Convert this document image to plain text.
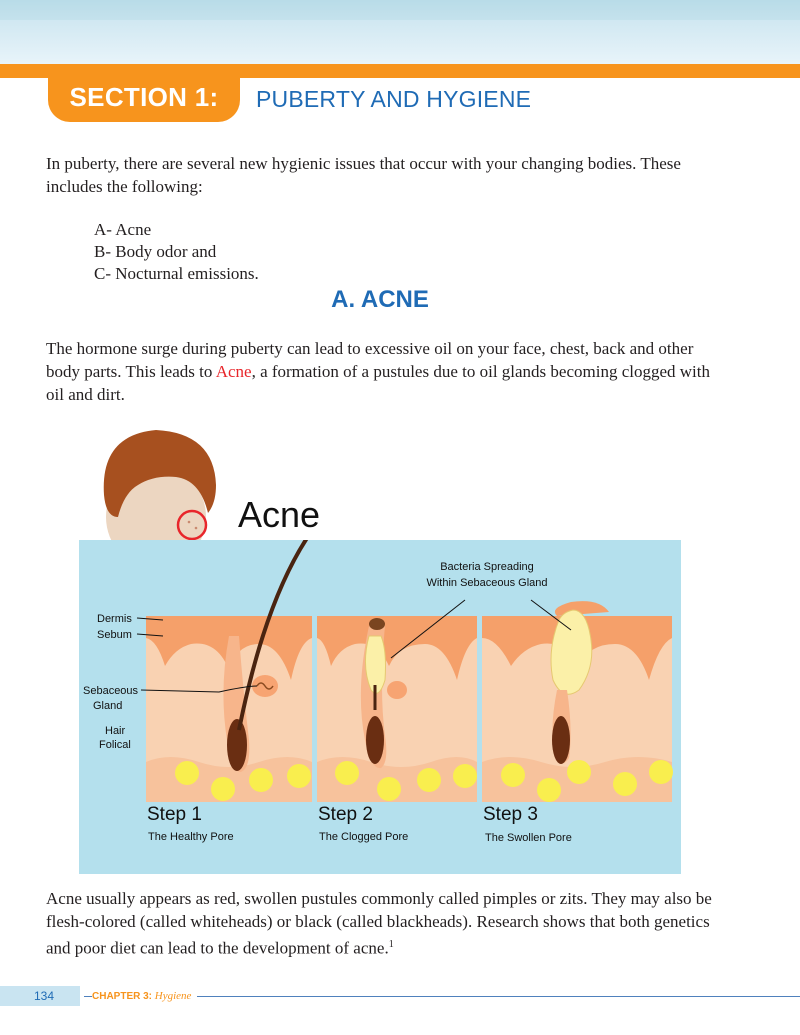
SECTION 1:	PUBERTY AND HYGIENE

In puberty, there are several new hygienic issues that occur with your changing bodies. These includes the following:

A- Acne
B- Body odor and
C- Nocturnal emissions.
A. ACNE

The hormone surge during puberty can lead to excessive oil on your face, chest, back and other body parts. This leads to Acne, a formation of a pustules due to oil glands becoming clogged with oil and dirt.

Dermis
Sebum
Sebaceous
Gland
Hair
Folical
Bacteria Spreading
Within Sebaceous Gland
Step 1
The Healthy Pore
Step 2
The Clogged Pore
Step 3
The Swollen Pore
Acne

Acne usually appears as red, swollen pustules commonly called pimples or zits. They may also be flesh-colored (called whiteheads) or black (called blackheads). Research shows that both genetics and poor diet can lead to the development of acne.$^1$

134	CHAPTER 3: Hygiene
